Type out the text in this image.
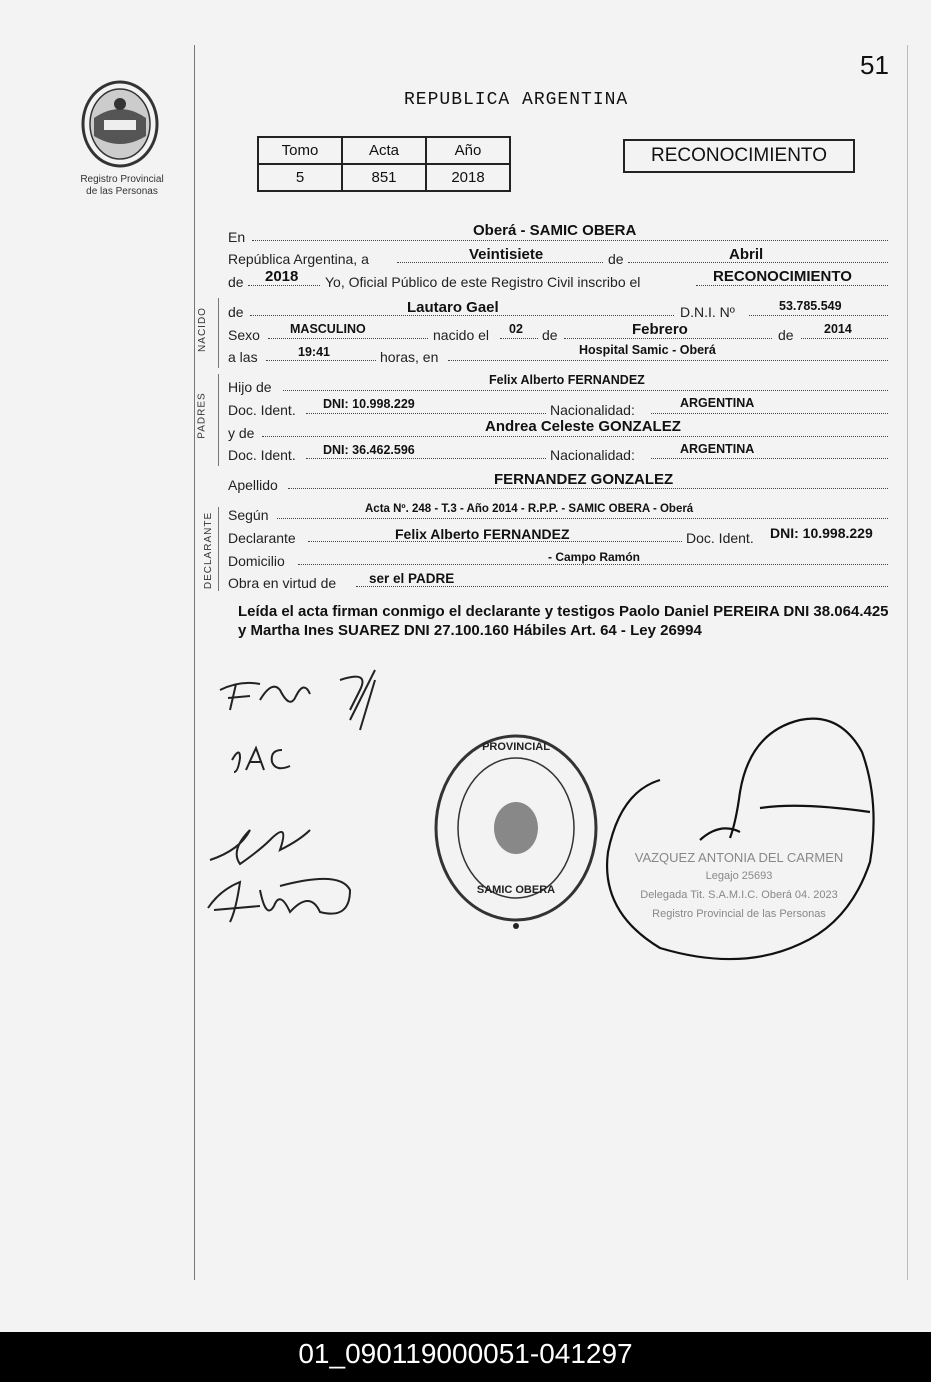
51
Registro Provincial
de las Personas
REPUBLICA ARGENTINA
Tomo	Acta	Año
5	851	2018
RECONOCIMIENTO
En	Oberá - SAMIC OBERA
República Argentina, a	Veintisiete	de	Abril
de 2018 Yo, Oficial Público de este Registro Civil inscribo el	RECONOCIMIENTO
NACIDO de	Lautaro Gael	D.N.I. Nº	53.785.549
Sexo MASCULINO	nacido el 02 de	Febrero	de 2014
a las	19:41	horas, en	Hospital Samic - Oberá
PADRES
Hijo de	Felix Alberto FERNANDEZ
Doc. Ident. DNI: 10.998.229	Nacionalidad:	ARGENTINA
y de	Andrea Celeste GONZALEZ
Doc. Ident. DNI: 36.462.596	Nacionalidad:	ARGENTINA
Apellido	FERNANDEZ GONZALEZ
DECLARANTE Según	Acta Nº. 248 - T.3 - Año 2014 - R.P.P. - SAMIC OBERA - Oberá
Declarante	Felix Alberto FERNANDEZ	Doc. Ident. DNI: 10.998.229
Domicilio	- Campo Ramón
Obra en virtud de ser el PADRE
Leída el acta firman conmigo el declarante y testigos Paolo Daniel PEREIRA DNI 38.064.425 y Martha Ines SUAREZ DNI 27.100.160 Hábiles Art. 64 - Ley 26994
PROVINCIAL
SAMIC OBERA
VAZQUEZ ANTONIA DEL CARMEN
Legajo 25693
Delegada Tit. S.A.M.I.C. Oberá 04. 2023
Registro Provincial de las Personas
01_090119000051-041297
